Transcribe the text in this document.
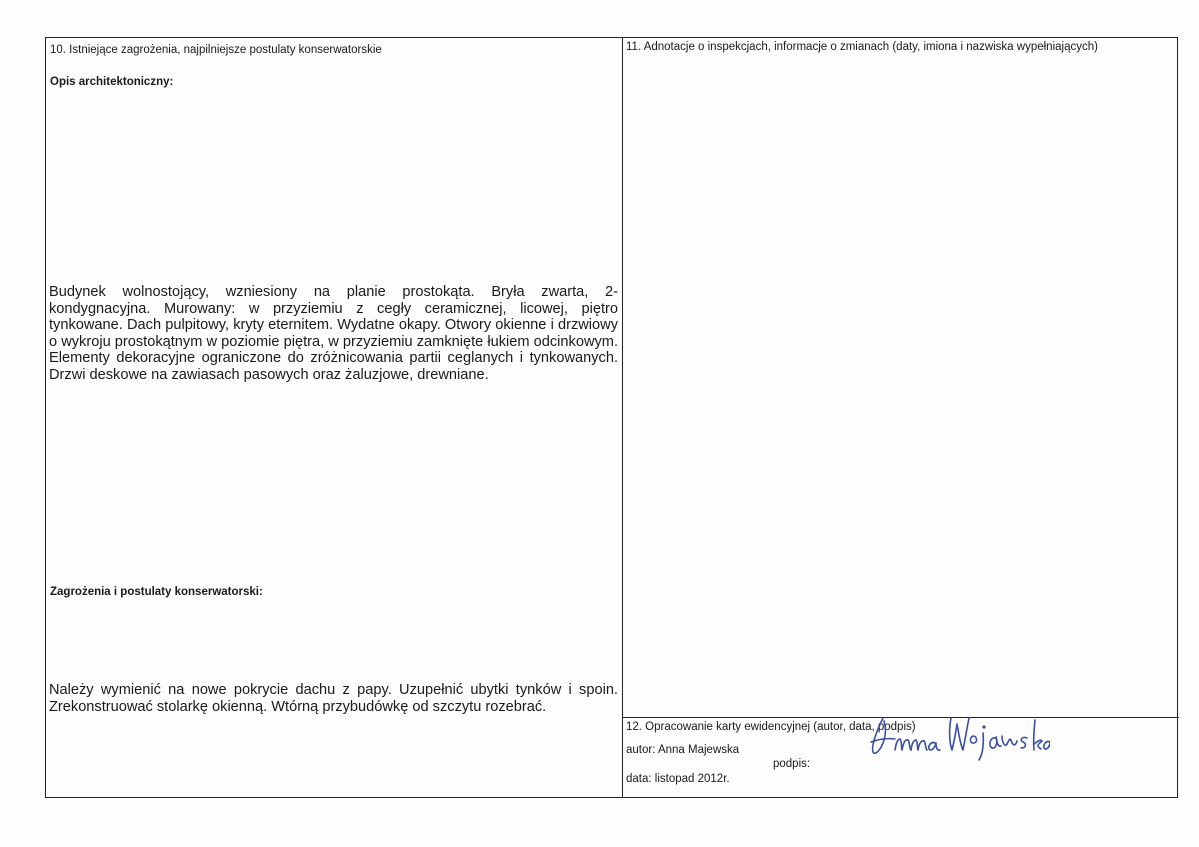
10. Istniejące zagrożenia, najpilniejsze postulaty konserwatorskie
Opis architektoniczny:
Budynek wolnostojący, wzniesiony na planie prostokąta. Bryła zwarta, 2-kondygnacyjna. Murowany: w przyziemiu z cegły ceramicznej, licowej, piętro tynkowane. Dach pulpitowy, kryty eternitem. Wydatne okapy. Otwory okienne i drzwiowy o wykroju prostokątnym w poziomie piętra, w przyziemiu zamknięte łukiem odcinkowym. Elementy dekoracyjne ograniczone do zróżnicowania partii ceglanych i tynkowanych. Drzwi deskowe na zawiasach pasowych oraz żaluzjowe, drewniane.
Zagrożenia i postulaty konserwatorski:
Należy wymienić na nowe pokrycie dachu z papy. Uzupełnić ubytki tynków i spoin. Zrekonstruować stolarkę okienną. Wtórną przybudówkę od szczytu rozebrać.
11. Adnotacje o inspekcjach, informacje o zmianach (daty, imiona i nazwiska wypełniających)
12. Opracowanie karty ewidencyjnej (autor, data, podpis)
autor: Anna Majewska
podpis:
data: listopad 2012r.
